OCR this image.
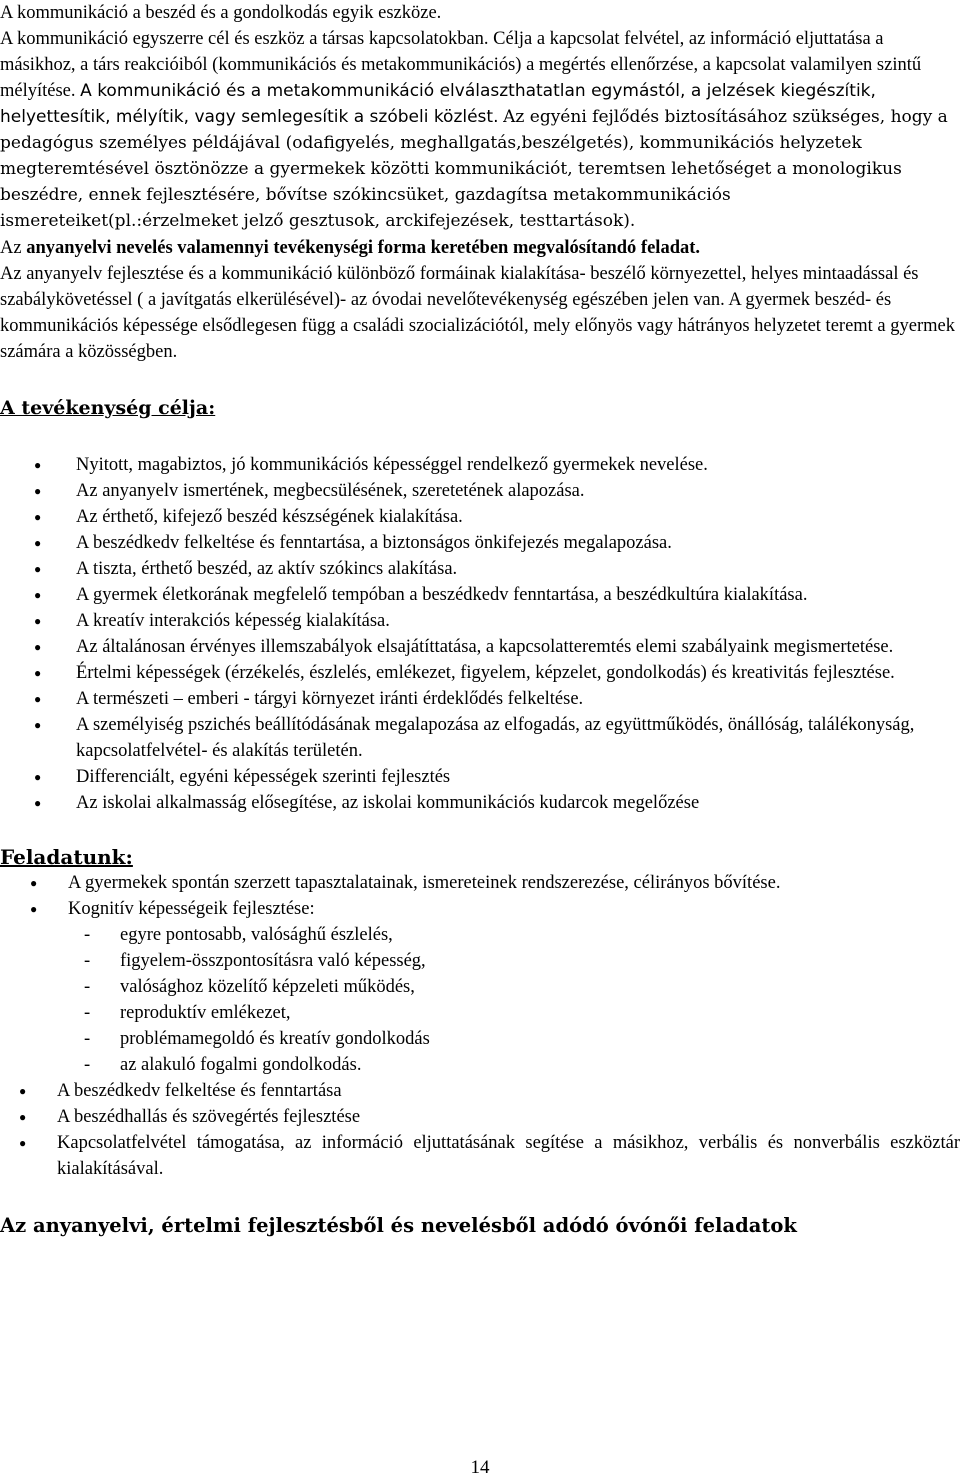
A kommunikáció a beszéd és a gondolkodás egyik eszköze.

A kommunikáció egyszerre cél és eszköz a társas kapcsolatokban. Célja a kapcsolat felvétel, az információ eljuttatása a másikhoz, a társ reakcióiból (kommunikációs és metakommunikációs) a megértés ellenőrzése, a kapcsolat valamilyen szintű mélyítése. A kommunikáció és a metakommunikáció elválaszthatatlan egymástól, a jelzések kiegészítik, helyettesítik, mélyítik, vagy semlegesítik a szóbeli közlést. Az egyéni fejlődés biztosításához szükséges, hogy a pedagógus személyes példájával (odafigyelés, meghallgatás,beszélgetés), kommunikációs helyzetek megteremtésével ösztönözze a gyermekek közötti kommunikációt, teremtsen lehetőséget a monologikus beszédre, ennek fejlesztésére, bővítse szókincsüket, gazdagítsa metakommunikációs ismereteiket(pl.:érzelmeket jelző gesztusok, arckifejezések, testtartások).

Az anyanyelvi nevelés valamennyi tevékenységi forma keretében megvalósítandó feladat.

Az anyanyelv fejlesztése és a kommunikáció különböző formáinak kialakítása- beszélő környezettel, helyes mintaadással és szabálykövetéssel ( a javítgatás elkerülésével)- az óvodai nevelőtevékenység egészében jelen van. A gyermek beszéd- és kommunikációs képessége elsődlegesen függ a családi szocializációtól, mely előnyös vagy hátrányos helyzetet teremt a gyermek számára a közösségben.

A tevékenység célja:

● Nyitott, magabiztos, jó kommunikációs képességgel rendelkező gyermekek nevelése.
● Az anyanyelv ismertének, megbecsülésének, szeretetének alapozása.
● Az érthető, kifejező beszéd készségének kialakítása.
● A beszédkedv felkeltése és fenntartása, a biztonságos önkifejezés megalapozása.
● A tiszta, érthető beszéd, az aktív szókincs alakítása.
● A gyermek életkorának megfelelő tempóban a beszédkedv fenntartása, a beszédkultúra kialakítása.
● A kreatív interakciós képesség kialakítása.
● Az általánosan érvényes illemszabályok elsajátíttatása, a kapcsolatteremtés elemi szabályaink megismertetése.
● Értelmi képességek (érzékelés, észlelés, emlékezet, figyelem, képzelet, gondolkodás) és kreativitás fejlesztése.
● A természeti – emberi - tárgyi környezet iránti érdeklődés felkeltése.
● A személyiség pszichés beállítódásának megalapozása az elfogadás, az együttműködés, önállóság, találékonyság, kapcsolatfelvétel- és alakítás területén.
● Differenciált, egyéni képességek szerinti fejlesztés
● Az iskolai alkalmasság elősegítése, az iskolai kommunikációs kudarcok megelőzése

Feladatunk:

● A gyermekek spontán szerzett tapasztalatainak, ismereteinek rendszerezése, célirányos bővítése.
● Kognitív képességeik fejlesztése:
- egyre pontosabb, valósághű észlelés,
- figyelem-összpontosításra való képesség,
- valósághoz közelítő képzeleti működés,
- reproduktív emlékezet,
- problémamegoldó és kreatív gondolkodás
- az alakuló fogalmi gondolkodás.
● A beszédkedv felkeltése és fenntartása
● A beszédhallás és szövegértés fejlesztése
● Kapcsolatfelvétel támogatása, az információ eljuttatásának segítése a másikhoz, verbális és nonverbális eszköztár kialakításával.

Az anyanyelvi, értelmi fejlesztésből és nevelésből adódó óvónői feladatok

14
